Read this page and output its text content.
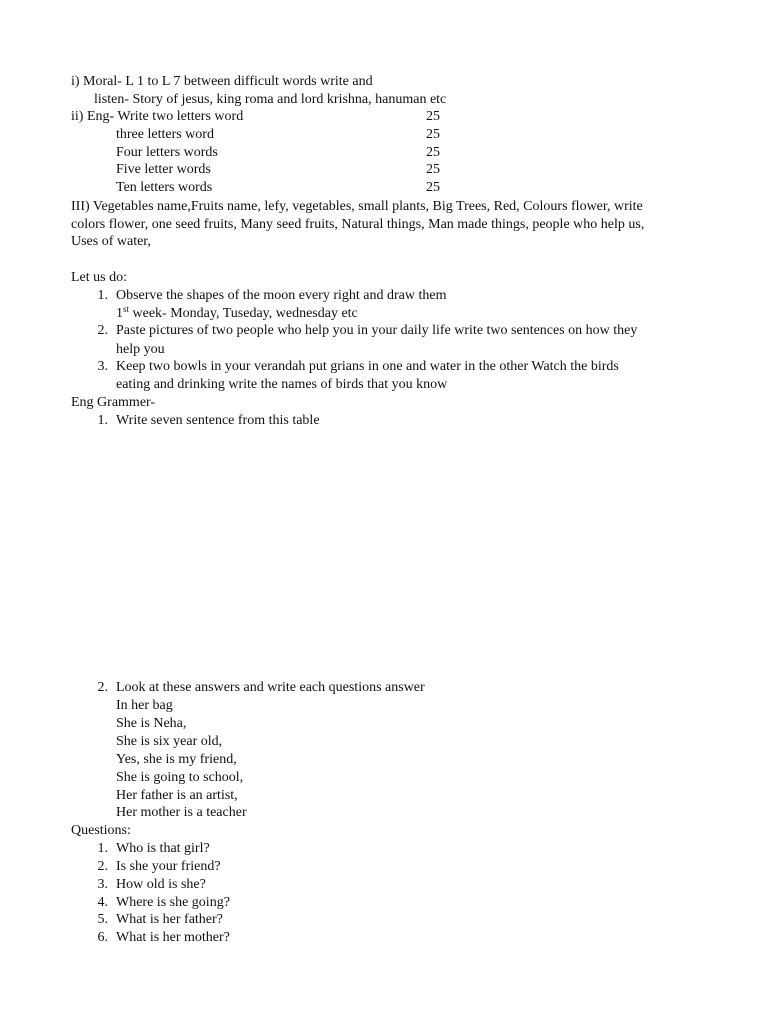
i) Moral- L 1 to L 7 between difficult words write and
listen- Story of jesus, king roma and lord krishna, hanuman etc
ii) Eng- Write two letters word	25
three letters word	25
Four letters words	25
Five letter words	25
Ten letters words	25
III) Vegetables name,Fruits name, lefy, vegetables, small plants, Big Trees, Red, Colours flower, write
colors flower, one seed fruits, Many seed fruits, Natural things, Man made things, people who help us,
Uses of water,
Let us do:
1. Observe the shapes of the moon every right and draw them
1st week- Monday, Tuseday, wednesday etc
2. Paste pictures of two people who help you in your daily life write two sentences on how they
help you
3. Keep two bowls in your verandah put grians in one and water in the other Watch the birds
eating and drinking write the names of birds that you know
Eng Grammer-
1. Write seven sentence from this table
2. Look at these answers and write each questions answer
In her bag
She is Neha,
She is six year old,
Yes, she is my friend,
She is going to school,
Her father is an artist,
Her mother is a teacher
Questions:
1. Who is that girl?
2. Is she your friend?
3. How old is she?
4. Where is she going?
5. What is her father?
6. What is her mother?
